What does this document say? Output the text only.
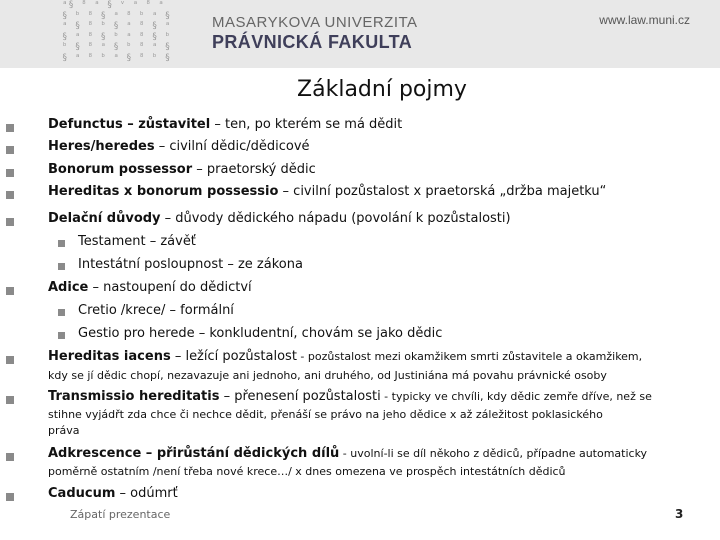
ᵃ§ ⁸ ᵃ § ᵛ ᵃ ⁸ ᵃ
§ ᵇ ⁸ § ᵃ ⁸ ᵇ ᵃ §
ᵃ § ⁸ ᵇ § ᵃ ⁸ § ᵃ
§ ᵃ ⁸ § ᵇ ᵃ ⁸ § ᵇ
ᵇ § ⁸ ᵃ § ᵇ ⁸ ᵃ §
§ ᵃ ⁸ ᵇ ᵃ § ⁸ ᵇ §
MASARYKOVA UNIVERZITA
PRÁVNICKÁ FAKULTA
www.law.muni.cz
Základní pojmy
Defunctus – zůstavitel – ten, po kterém se má dědit
Heres/heredes – civilní dědic/dědicové
Bonorum possessor – praetorský dědic
Hereditas x bonorum possessio – civilní pozůstalost x praetorská „držba majetku“
Delační důvody – důvody dědického nápadu (povolání k pozůstalosti)
Testament – závěť
Intestátní posloupnost – ze zákona
Adice – nastoupení do dědictví
Cretio /krece/ – formální
Gestio pro herede – konkludentní, chovám se jako dědic
Hereditas iacens – ležící pozůstalost - pozůstalost mezi okamžikem smrti zůstavitele a okamžikem,
kdy se jí dědic chopí, nezavazuje ani jednoho, ani druhého, od Justiniána má povahu právnické osoby
Transmissio hereditatis – přenesení pozůstalosti - typicky ve chvíli, kdy dědic zemře dříve, než se
stihne vyjádřt zda chce či nechce dědit, přenáší se právo na jeho dědice x až záležitost poklasického
práva
Adkrescence – přirůstání dědických dílů - uvolní-li se díl někoho z dědiců, případne automaticky
poměrně ostatním /není třeba nové krece…/ x dnes omezena ve prospěch intestátních dědiců
Caducum – odúmrť
Zápatí prezentace	3
